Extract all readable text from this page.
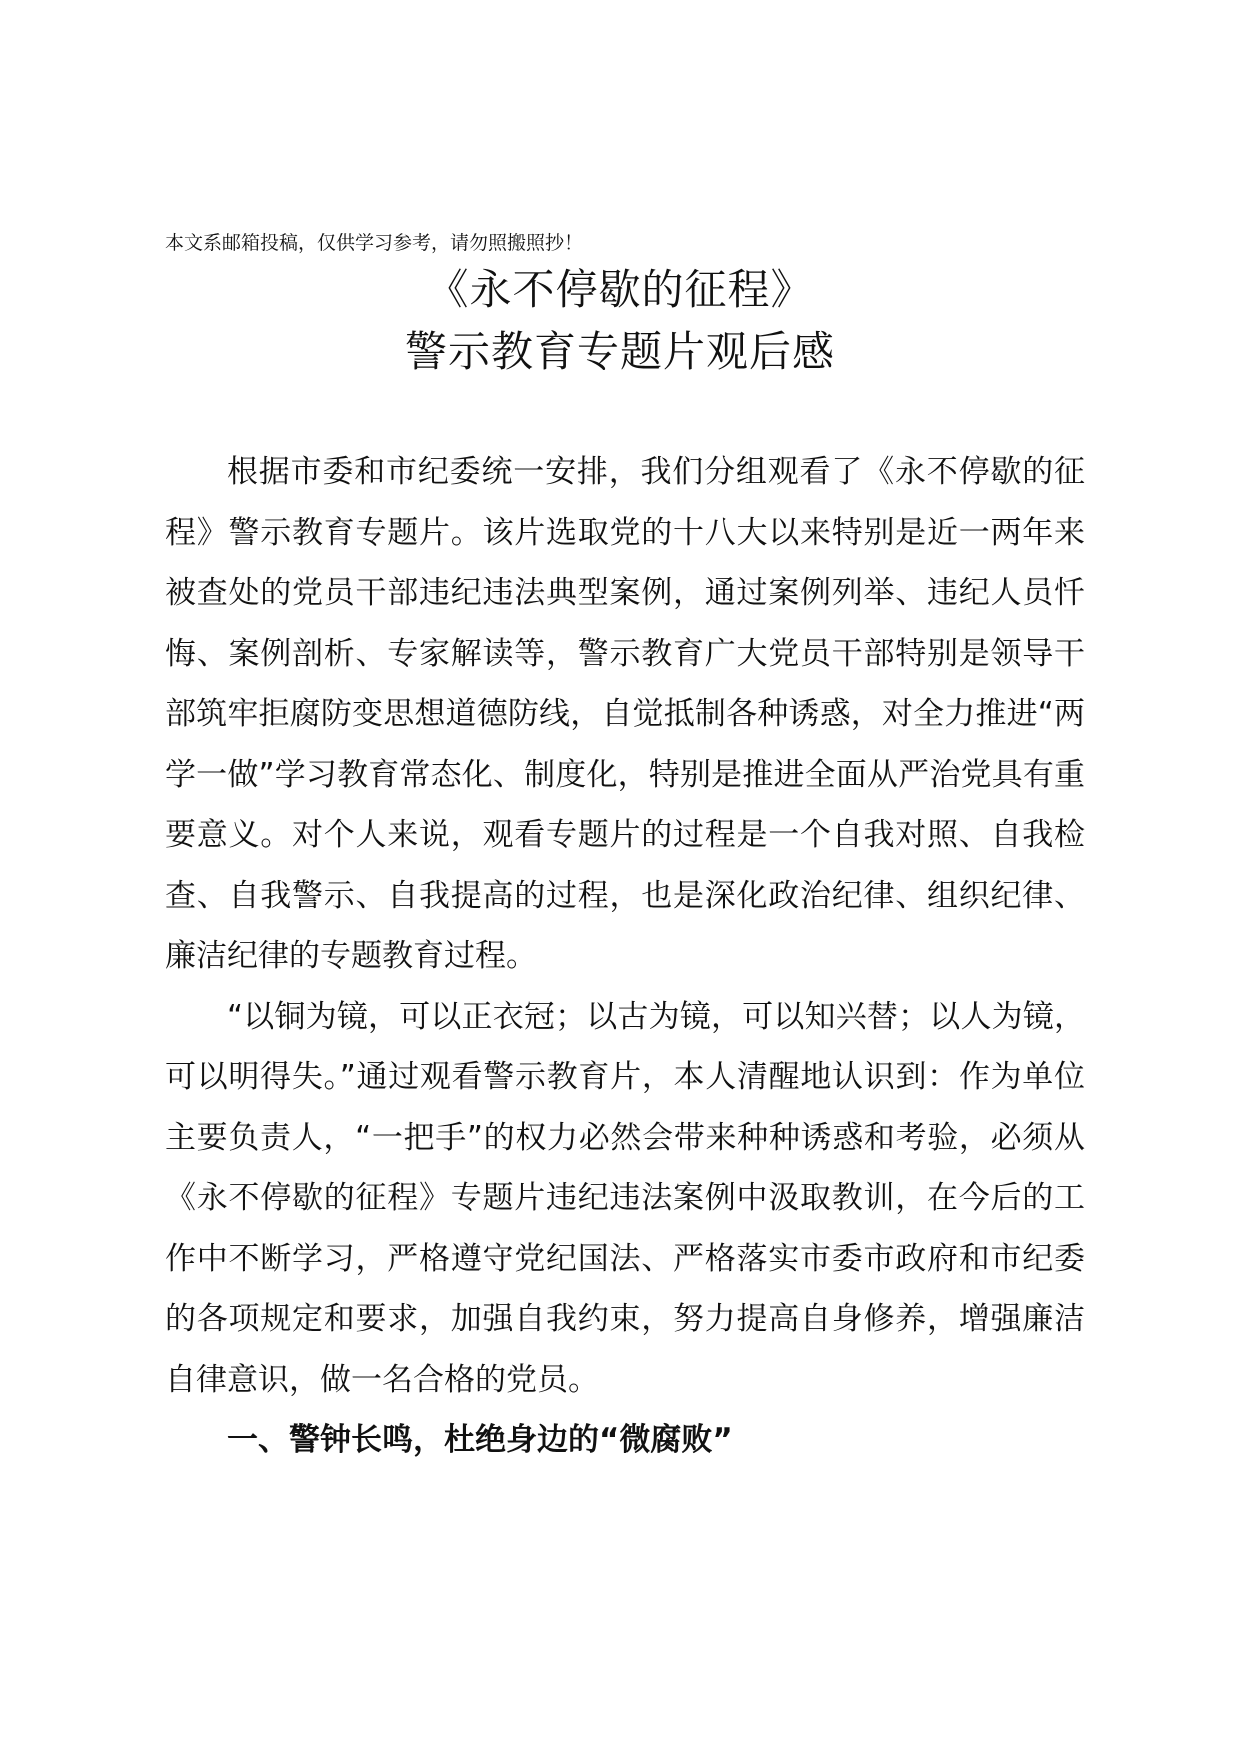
本文系邮箱投稿，仅供学习参考，请勿照搬照抄！
《永不停歇的征程》
警示教育专题片观后感

根据市委和市纪委统一安排，我们分组观看了《永不停歇的征程》警示教育专题片。该片选取党的十八大以来特别是近一两年来被查处的党员干部违纪违法典型案例，通过案例列举、违纪人员忏悔、案例剖析、专家解读等，警示教育广大党员干部特别是领导干部筑牢拒腐防变思想道德防线，自觉抵制各种诱惑，对全力推进“两学一做”学习教育常态化、制度化，特别是推进全面从严治党具有重要意义。对个人来说，观看专题片的过程是一个自我对照、自我检查、自我警示、自我提高的过程，也是深化政治纪律、组织纪律、廉洁纪律的专题教育过程。

“以铜为镜，可以正衣冠；以古为镜，可以知兴替；以人为镜，可以明得失。”通过观看警示教育片，本人清醒地认识到：作为单位主要负责人，“一把手”的权力必然会带来种种诱惑和考验，必须从《永不停歇的征程》专题片违纪违法案例中汲取教训，在今后的工作中不断学习，严格遵守党纪国法、严格落实市委市政府和市纪委的各项规定和要求，加强自我约束，努力提高自身修养，增强廉洁自律意识，做一名合格的党员。

一、警钟长鸣，杜绝身边的“微腐败”
